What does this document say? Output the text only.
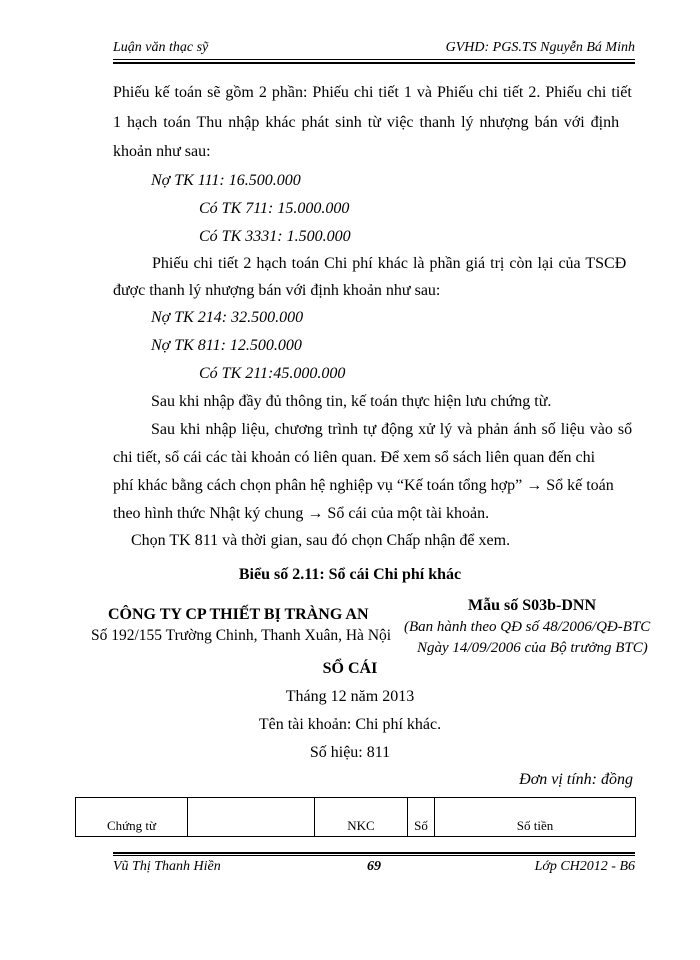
Luận văn thạc sỹ	GVHD: PGS.TS Nguyễn Bá Minh
Phiếu kế toán sẽ gồm 2 phần: Phiếu chi tiết 1 và Phiếu chi tiết 2. Phiếu chi tiết
1 hạch toán Thu nhập khác phát sinh từ việc thanh lý nhượng bán với định
khoản như sau:
Nợ TK 111: 16.500.000
Có TK 711: 15.000.000
Có TK 3331: 1.500.000
Phiếu chi tiết 2 hạch toán Chi phí khác là phần giá trị còn lại của TSCĐ
được thanh lý nhượng bán với định khoản như sau:
Nợ TK 214: 32.500.000
Nợ TK 811: 12.500.000
Có TK 211:45.000.000
Sau khi nhập đầy đủ thông tin, kế toán thực hiện lưu chứng từ.
Sau khi nhập liệu, chương trình tự động xử lý và phản ánh số liệu vào sổ
chi tiết, sổ cái các tài khoản có liên quan. Để xem sổ sách liên quan đến chi
phí khác bằng cách chọn phân hệ nghiệp vụ “Kế toán tổng hợp” → Sổ kế toán
theo hình thức Nhật ký chung → Sổ cái của một tài khoản.
Chọn TK 811 và thời gian, sau đó chọn Chấp nhận để xem.
Biểu số 2.11: Sổ cái Chi phí khác
CÔNG TY CP THIẾT BỊ TRÀNG AN
Số 192/155 Trường Chinh, Thanh Xuân, Hà Nội
Mẫu số S03b-DNN
(Ban hành theo QĐ số 48/2006/QĐ-BTC
Ngày 14/09/2006 của Bộ trưởng BTC)
SỔ CÁI
Tháng 12 năm 2013
Tên tài khoản: Chi phí khác.
Số hiệu: 811
Đơn vị tính: đồng
Chứng từ		NKC	Số	Số tiền
Vũ Thị Thanh Hiền	69	Lớp CH2012 - B6
